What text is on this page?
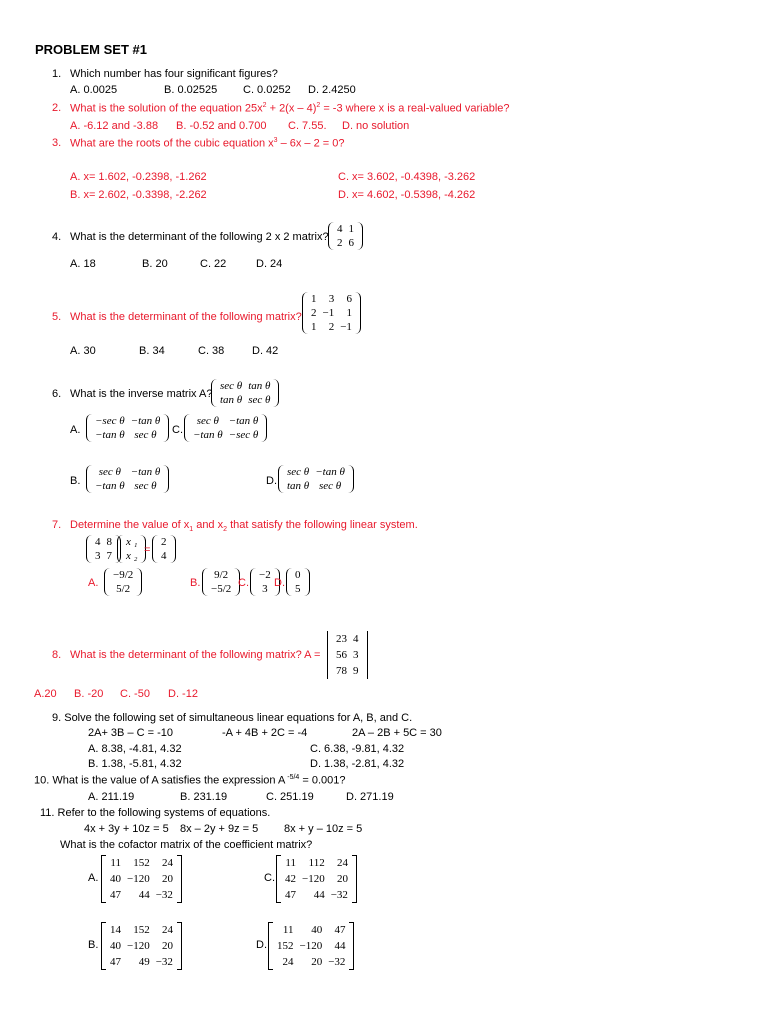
PROBLEM SET #1
1. Which number has four significant figures?
A. 0.0025	B. 0.02525 C. 0.0252 D. 2.4250
2. What is the solution of the equation $25x^2 + 2(x - 4)^2 = -3$ where x is a real-valued variable?
A. -6.12 and -3.88 B. -0.52 and 0.700 C. 7.55. D. no solution
3. What are the roots of the cubic equation $x^3 - 6x - 2 = 0$?
A. x= 1.602, -0.2398, -1.262
B. x= 2.602, -0.3398, -2.262
C. x= 3.602, -0.4398, -3.262
D. x= 4.602, -0.5398, -4.262
4. What is the determinant of the following 2 x 2 matrix?
4 1
2 6
A. 18	B. 20	C. 22	D. 24
5. What is the determinant of the following matrix?
1	3	6
2 −1	1
1	2 −1
A. 30	B. 34	C. 38	D. 42
6. What is the inverse matrix A?
sec θ tan θ
tan θ sec θ
A.
−sec θ −tan θ
−tan θ sec θ	C.
sec θ −tan θ
−tan θ −sec θ
B.
sec θ −tan θ
−tan θ sec θ	D.
sec θ −tan θ
tan θ sec θ
7. Determine the value of $x_1$ and $x_2$ that satisfy the following linear system.
4 8
3 7
x ₁
x ₂ =
2
4
A.
−9/2
5/2	B.
9/2
−5/2 C.
−2
3 D.
0
5
8. What is the determinant of the following matrix? A =
23 4
56 3
78 9
A.20 B. -20 C. -50 D. -12
9. Solve the following set of simultaneous linear equations for A, B, and C.
2A+ 3B – C = -10	-A + 4B + 2C = -4	2A – 2B + 5C = 30
A. 8.38, -4.81, 4.32
B. 1.38, -5.81, 4.32
C. 6.38, -9.81, 4.32
D. 1.38, -2.81, 4.32
10. What is the value of A satisfies the expression A $^{-5/4}$ = 0.001?
A. 211.19	B. 231.19	C. 251.19	D. 271.19
11. Refer to the following systems of equations.
4x + 3y + 10z = 5 8x – 2y + 9z = 5 8x + y – 10z = 5
What is the cofactor matrix of the coefficient matrix?
A.
11	152	24
40 −120	20
47	44 −32
C.
11	112	24
42 −120	20
47	44 −32
B.
14	152	24
40 −120	20
47	49 −32
D.
11	40	47
152 −120	44
24	20 −32
